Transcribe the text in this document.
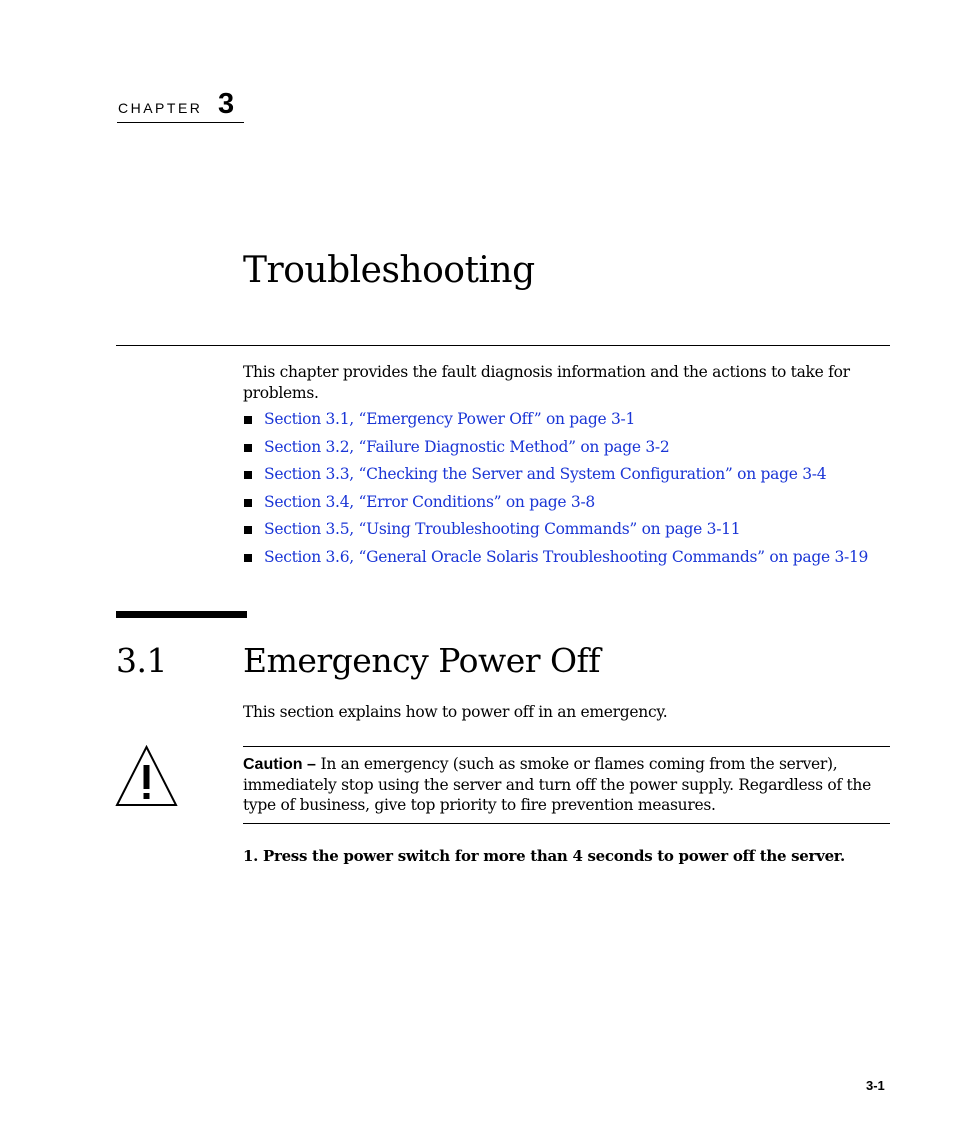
CHAPTER 3
Troubleshooting

This chapter provides the fault diagnosis information and the actions to take for problems.

Section 3.1, “Emergency Power Off” on page 3-1
Section 3.2, “Failure Diagnostic Method” on page 3-2
Section 3.3, “Checking the Server and System Configuration” on page 3-4
Section 3.4, “Error Conditions” on page 3-8
Section 3.5, “Using Troubleshooting Commands” on page 3-11
Section 3.6, “General Oracle Solaris Troubleshooting Commands” on page 3-19
3.1 Emergency Power Off

This section explains how to power off in an emergency.

Caution – In an emergency (such as smoke or flames coming from the server), immediately stop using the server and turn off the power supply. Regardless of the type of business, give top priority to fire prevention measures.

1. Press the power switch for more than 4 seconds to power off the server.

3-1
